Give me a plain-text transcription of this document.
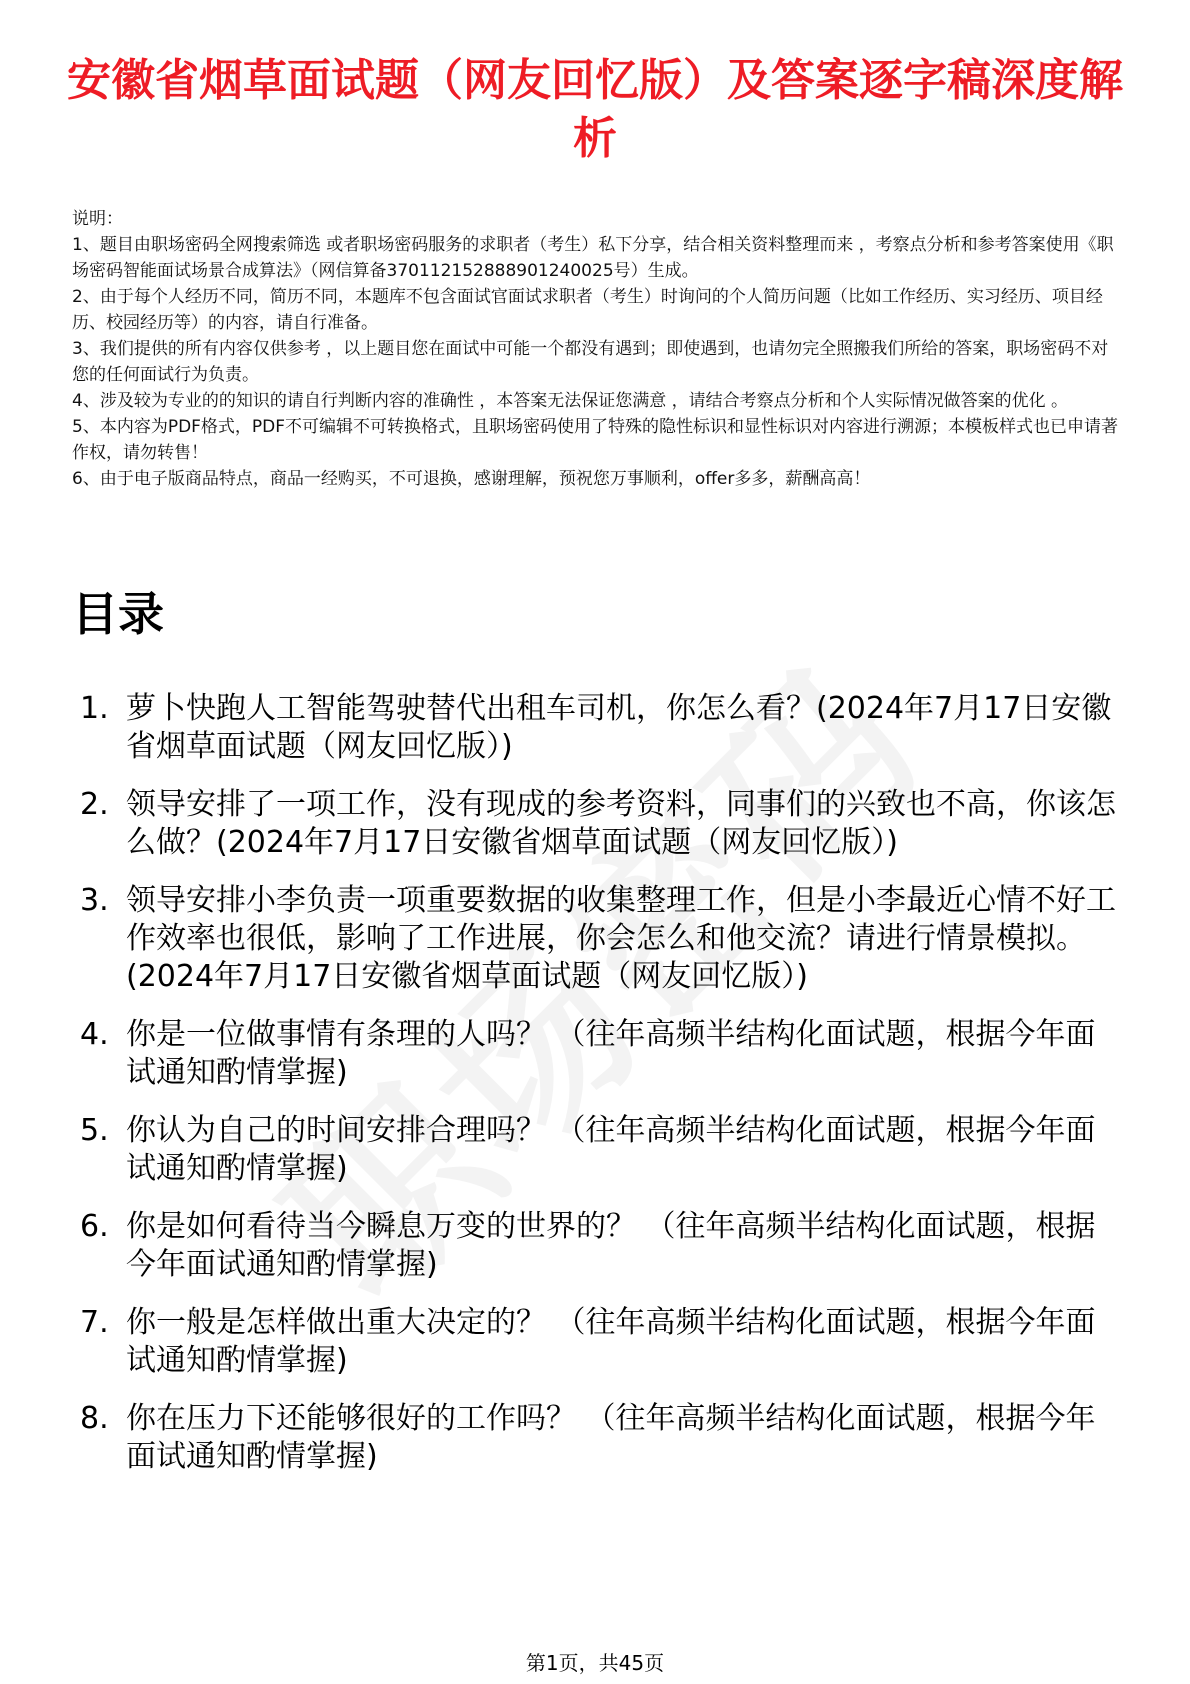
安徽省烟草面试题（网友回忆版）及答案逐字稿深度解析

说明：

1、题目由职场密码全网搜索筛选 或者职场密码服务的求职者（考生）私下分享，结合相关资料整理而来 ，考察点分析和参考答案使用《职场密码智能面试场景合成算法》（网信算备370112152888901240025号）生成。

2、由于每个人经历不同，简历不同，本题库不包含面试官面试求职者（考生）时询问的个人简历问题（比如工作经历、实习经历、项目经历、校园经历等）的内容，请自行准备。

3、我们提供的所有内容仅供参考 ，以上题目您在面试中可能一个都没有遇到；即使遇到，也请勿完全照搬我们所给的答案，职场密码不对您的任何面试行为负责。

4、涉及较为专业的的知识的请自行判断内容的准确性 ，本答案无法保证您满意 ，请结合考察点分析和个人实际情况做答案的优化 。

5、本内容为PDF格式，PDF不可编辑不可转换格式，且职场密码使用了特殊的隐性标识和显性标识对内容进行溯源；本模板样式也已申请著作权，请勿转售！

6、由于电子版商品特点，商品一经购买，不可退换，感谢理解，预祝您万事顺利，offer多多，薪酬高高！

目录
1. 萝卜快跑人工智能驾驶替代出租车司机，你怎么看？(2024年7月17日安徽省烟草面试题（网友回忆版）)
2. 领导安排了一项工作，没有现成的参考资料，同事们的兴致也不高，你该怎么做？(2024年7月17日安徽省烟草面试题（网友回忆版）)
3. 领导安排小李负责一项重要数据的收集整理工作，但是小李最近心情不好工作效率也很低，影响了工作进展，你会怎么和他交流？请进行情景模拟。(2024年7月17日安徽省烟草面试题（网友回忆版）)
4. 你是一位做事情有条理的人吗？ （往年高频半结构化面试题，根据今年面试通知酌情掌握)
5. 你认为自己的时间安排合理吗？ （往年高频半结构化面试题，根据今年面试通知酌情掌握)
6. 你是如何看待当今瞬息万变的世界的？ （往年高频半结构化面试题，根据今年面试通知酌情掌握)
7. 你一般是怎样做出重大决定的？ （往年高频半结构化面试题，根据今年面试通知酌情掌握)
8. 你在压力下还能够很好的工作吗？ （往年高频半结构化面试题，根据今年面试通知酌情掌握)
第1页，共45页
